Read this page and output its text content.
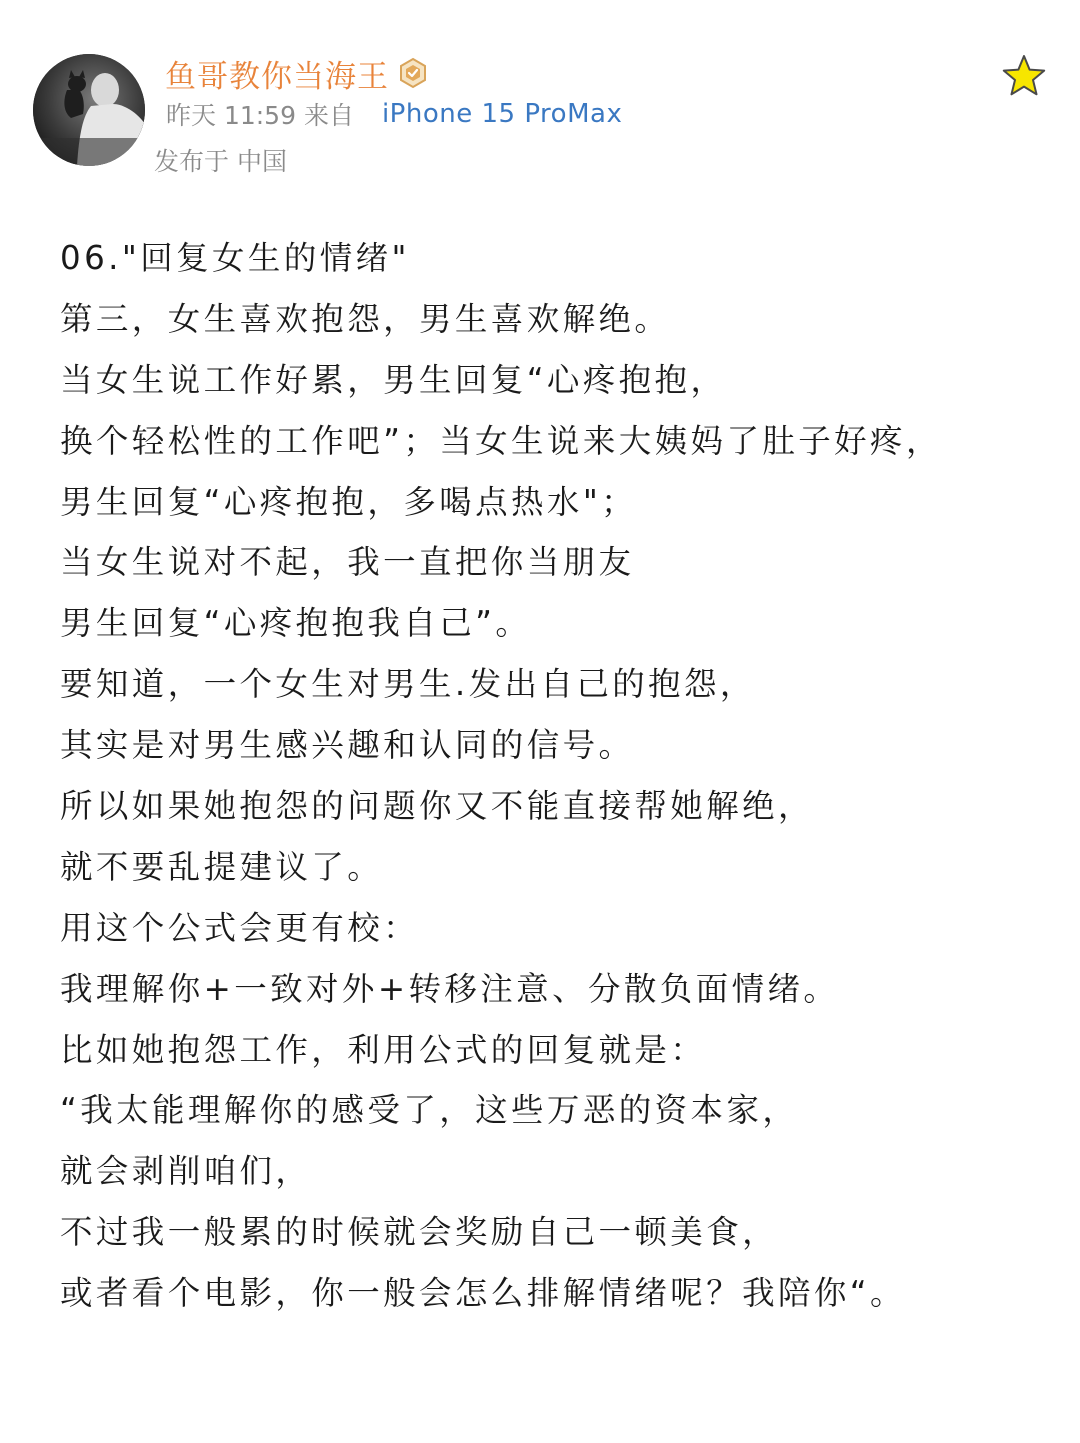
鱼哥教你当海王
昨天 11:59 来自 iPhone 15 ProMax
发布于 中国
06."回复女生的情绪"
第三，女生喜欢抱怨，男生喜欢解绝。
当女生说工作好累，男生回复“心疼抱抱，
换个轻松性的工作吧”；当女生说来大姨妈了肚子好疼，
男生回复“心疼抱抱，多喝点热水"；
当女生说对不起，我一直把你当朋友
男生回复“心疼抱抱我自己”。
要知道，一个女生对男生.发出自己的抱怨，
其实是对男生感兴趣和认同的信号。
所以如果她抱怨的问题你又不能直接帮她解绝，
就不要乱提建议了。
用这个公式会更有校：
我理解你+一致对外+转移注意、分散负面情绪。
比如她抱怨工作，利用公式的回复就是：
“我太能理解你的感受了，这些万恶的资本家，
就会剥削咱们，
不过我一般累的时候就会奖励自己一顿美食，
或者看个电影，你一般会怎么排解情绪呢？我陪你“。
